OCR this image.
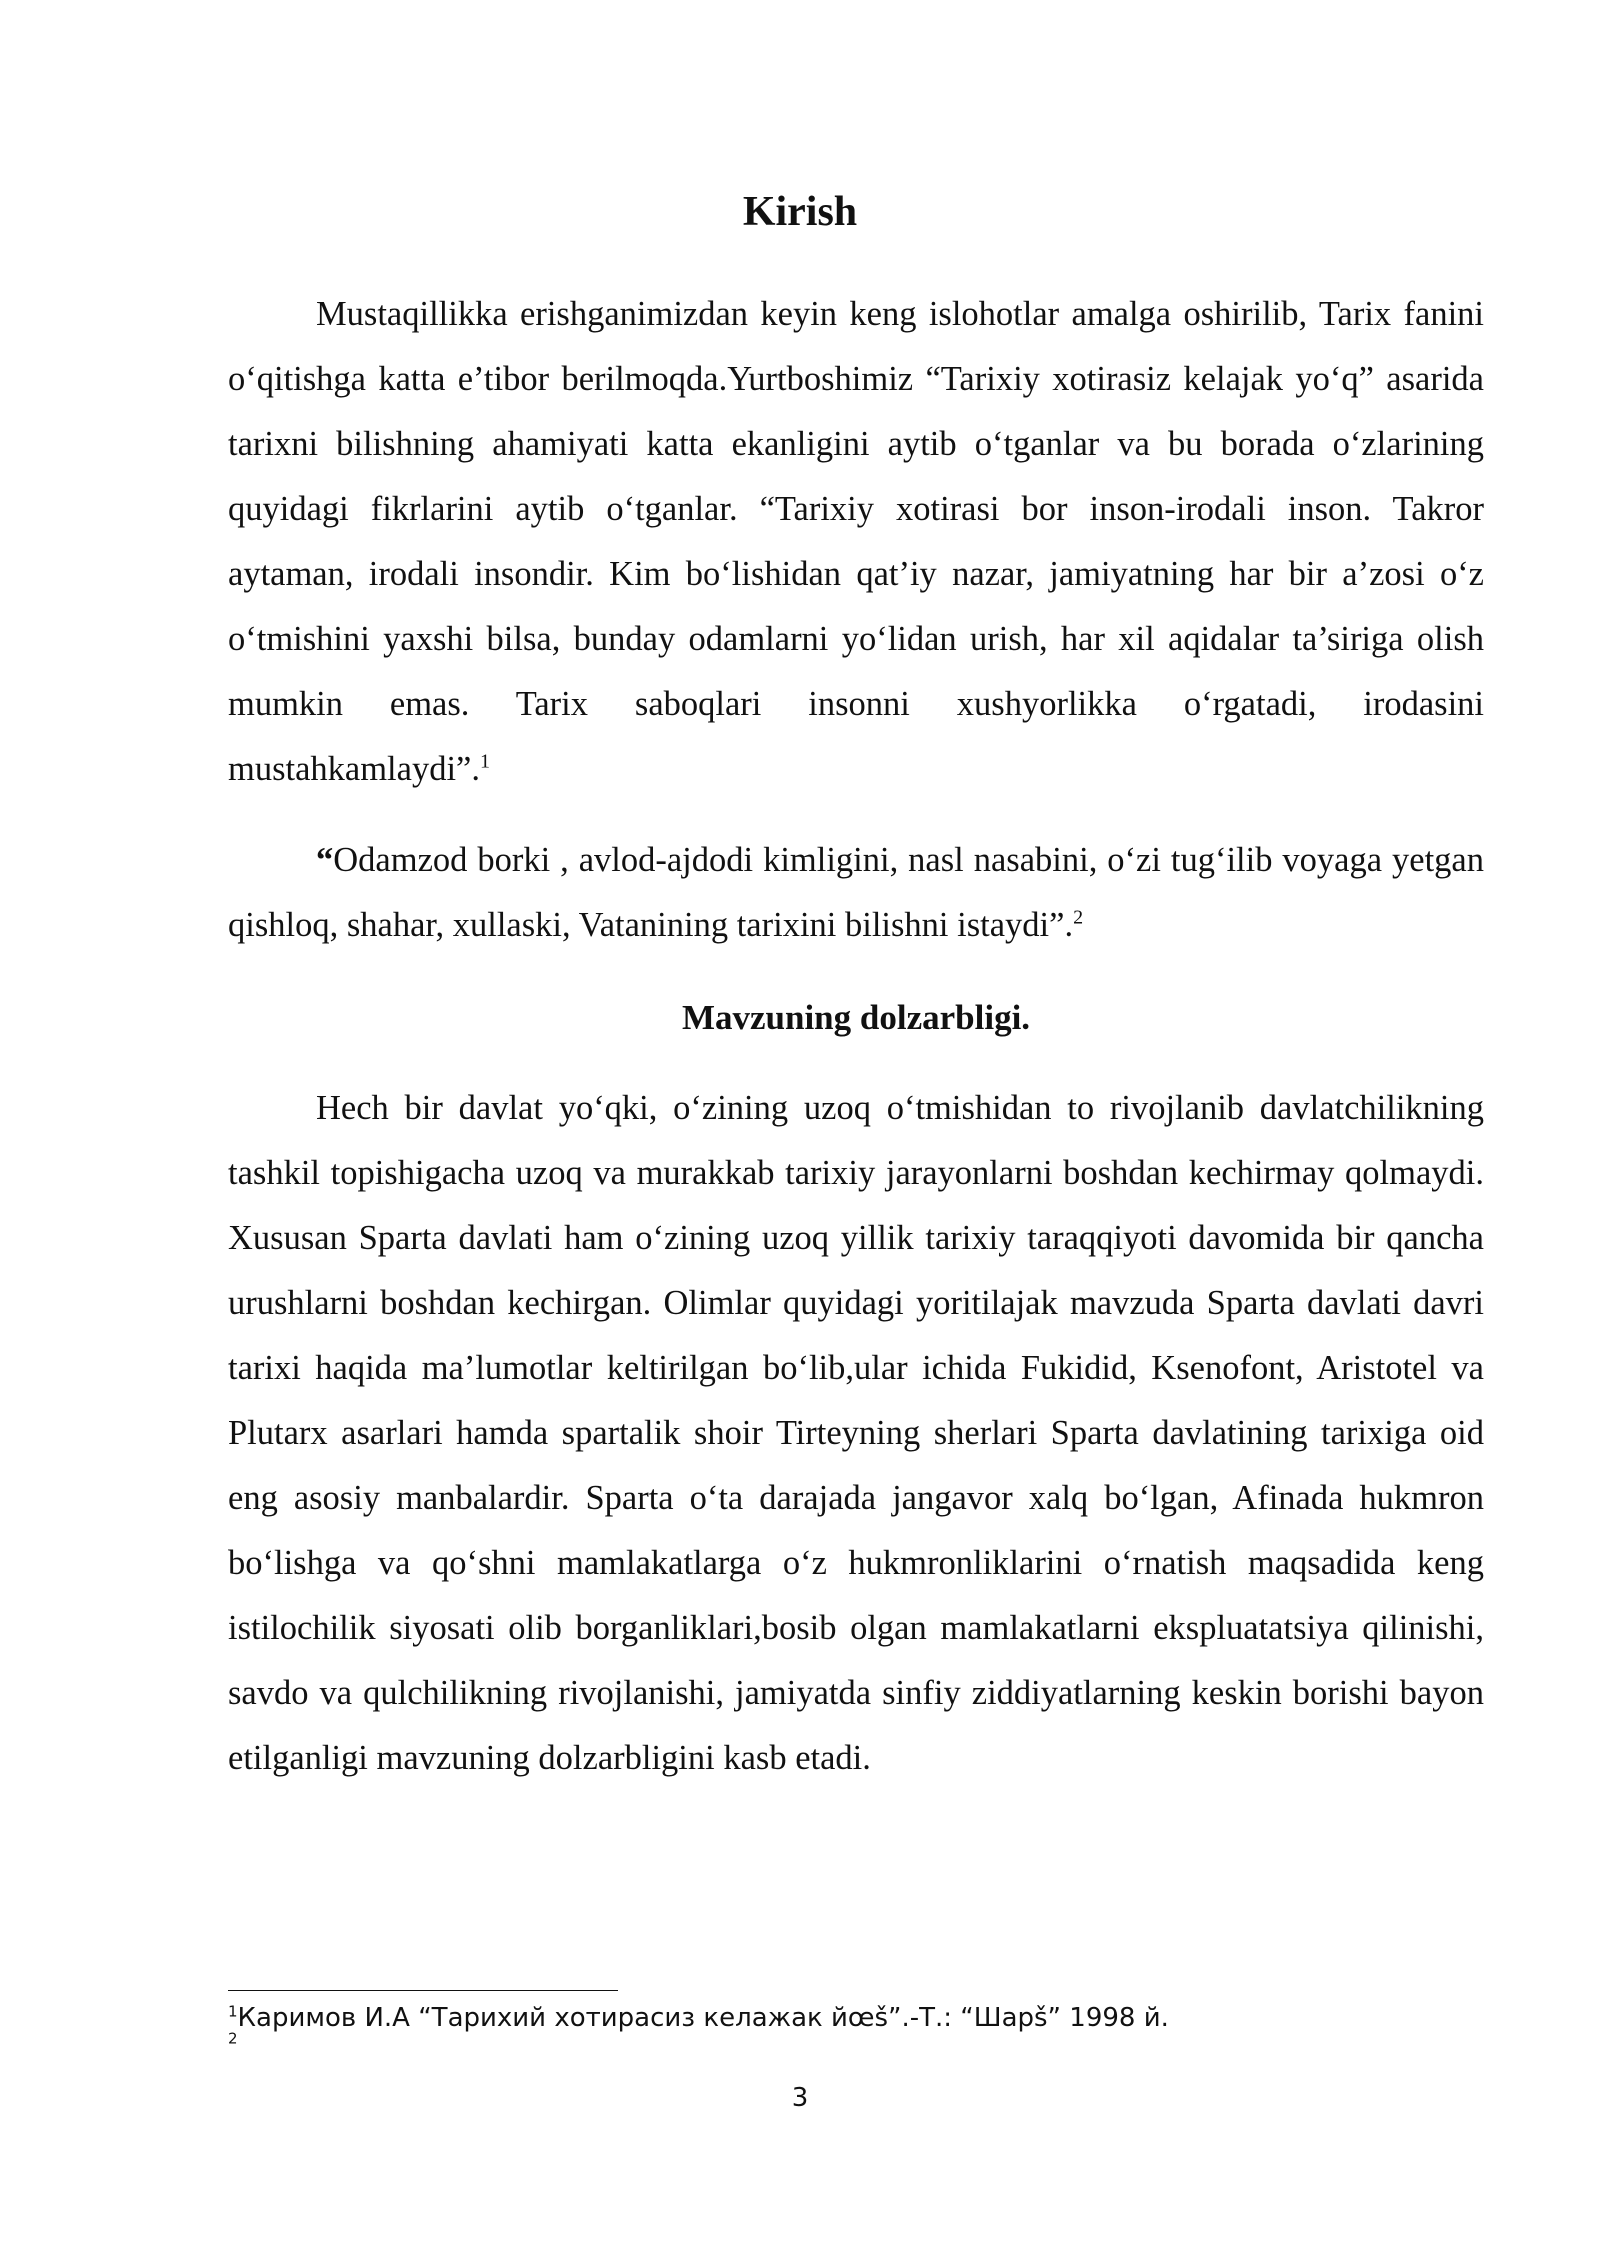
Kirish

Mustaqillikka erishganimizdan keyin keng islohotlar amalga oshirilib, Tarix fanini o‘qitishga katta e’tibor berilmoqda.Yurtboshimiz “Tarixiy xotirasiz kelajak yo‘q” asarida tarixni bilishning ahamiyati katta ekanligini aytib o‘tganlar va bu borada o‘zlarining quyidagi fikrlarini aytib o‘tganlar. “Tarixiy xotirasi bor inson-irodali inson. Takror aytaman, irodali insondir. Kim bo‘lishidan qat’iy nazar, jamiyatning har bir a’zosi o‘z o‘tmishini yaxshi bilsa, bunday odamlarni yo‘lidan urish, har xil aqidalar ta’siriga olish mumkin emas. Tarix saboqlari insonni xushyorlikka o‘rgatadi, irodasini mustahkamlaydi”.$^1$

“Odamzod borki , avlod-ajdodi kimligini, nasl nasabini, o‘zi tug‘ilib voyaga yetgan qishloq, shahar, xullaski, Vatanining tarixini bilishni istaydi”.$^2$

Mavzuning dolzarbligi.

Hech bir davlat yo‘qki, o‘zining uzoq o‘tmishidan to rivojlanib davlatchilikning tashkil topishigacha uzoq va murakkab tarixiy jarayonlarni boshdan kechirmay qolmaydi. Xususan Sparta davlati ham o‘zining uzoq yillik tarixiy taraqqiyoti davomida bir qancha urushlarni boshdan kechirgan. Olimlar quyidagi yoritilajak mavzuda Sparta davlati davri tarixi haqida ma’lumotlar keltirilgan bo‘lib,ular ichida Fukidid, Ksenofont, Aristotel va Plutarx asarlari hamda spartalik shoir Tirteyning sherlari Sparta davlatining tarixiga oid eng asosiy manbalardir. Sparta o‘ta darajada jangavor xalq bo‘lgan, Afinada hukmron bo‘lishga va qo‘shni mamlakatlarga o‘z hukmronliklarini o‘rnatish maqsadida keng istilochilik siyosati olib borganliklari,bosib olgan mamlakatlarni ekspluatatsiya qilinishi, savdo va qulchilikning rivojlanishi, jamiyatda sinfiy ziddiyatlarning keskin borishi bayon etilganligi mavzuning dolzarbligini kasb etadi.

$^1$Каримов И.А “Тарихий хотирасиз келажак йœš”.-Т.: “Шарš” 1998 й.
$^2$
3
